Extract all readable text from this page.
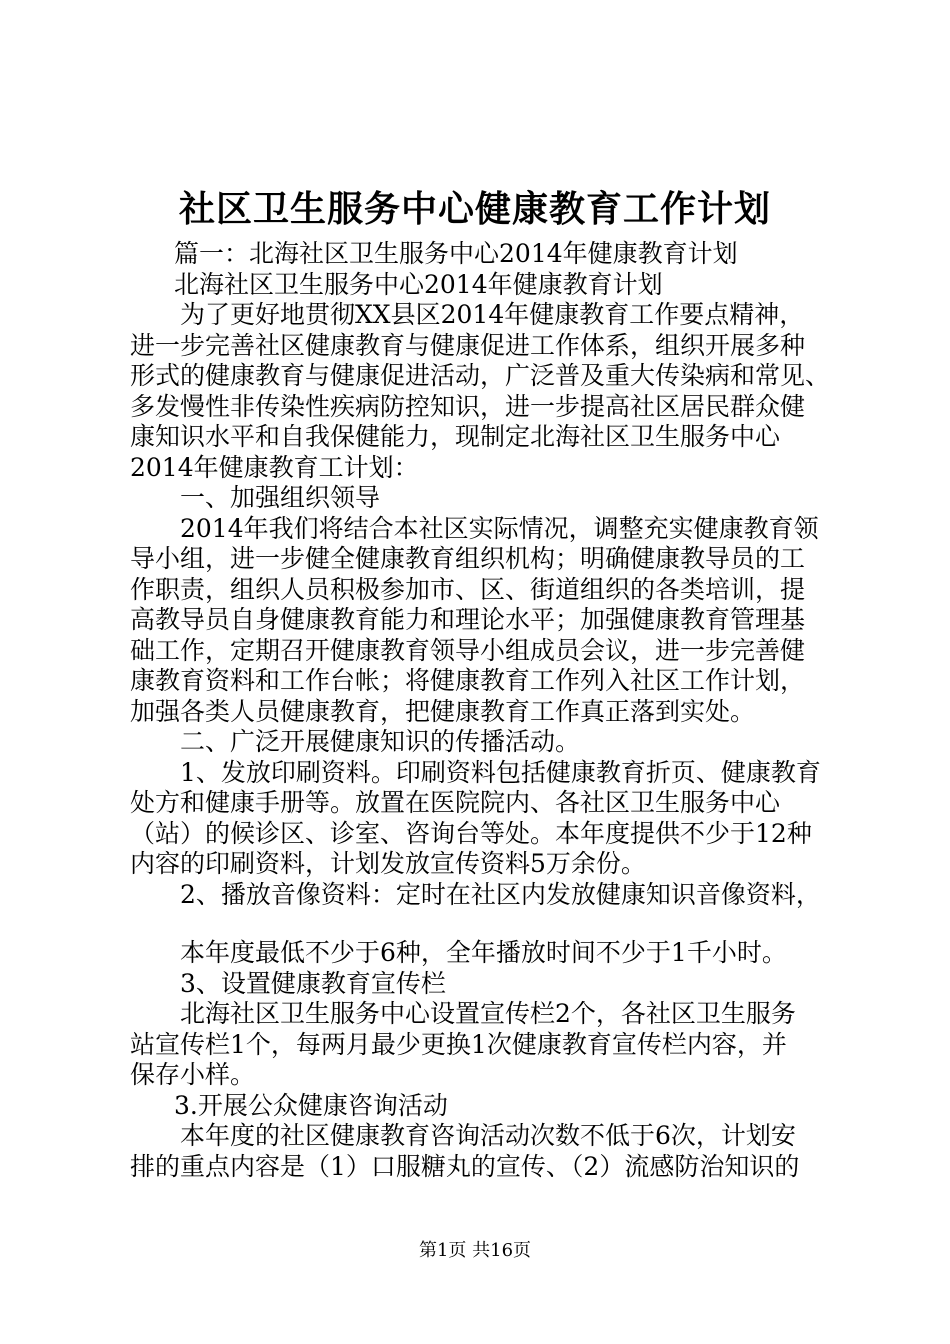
社区卫生服务中心健康教育工作计划
篇一：北海社区卫生服务中心2014年健康教育计划
北海社区卫生服务中心2014年健康教育计划
为了更好地贯彻XX县区2014年健康教育工作要点精神，
进一步完善社区健康教育与健康促进工作体系，组织开展多种
形式的健康教育与健康促进活动，广泛普及重大传染病和常见、
多发慢性非传染性疾病防控知识，进一步提高社区居民群众健
康知识水平和自我保健能力，现制定北海社区卫生服务中心
2014年健康教育工计划：
一、加强组织领导
2014年我们将结合本社区实际情况，调整充实健康教育领
导小组，进一步健全健康教育组织机构；明确健康教导员的工
作职责，组织人员积极参加市、区、街道组织的各类培训，提
高教导员自身健康教育能力和理论水平；加强健康教育管理基
础工作，定期召开健康教育领导小组成员会议，进一步完善健
康教育资料和工作台帐；将健康教育工作列入社区工作计划，
加强各类人员健康教育，把健康教育工作真正落到实处。
二、广泛开展健康知识的传播活动。
1、发放印刷资料。印刷资料包括健康教育折页、健康教育
处方和健康手册等。放置在医院院内、各社区卫生服务中心
（站）的候诊区、诊室、咨询台等处。本年度提供不少于12种
内容的印刷资料，计划发放宣传资料5万余份。
2、播放音像资料：定时在社区内发放健康知识音像资料，
本年度最低不少于6种，全年播放时间不少于1千小时。
3、设置健康教育宣传栏
北海社区卫生服务中心设置宣传栏2个，各社区卫生服务
站宣传栏1个，每两月最少更换1次健康教育宣传栏内容，并
保存小样。
3.开展公众健康咨询活动
本年度的社区健康教育咨询活动次数不低于6次，计划安
排的重点内容是（1）口服糖丸的宣传、（2）流感防治知识的
第1页 共16页
